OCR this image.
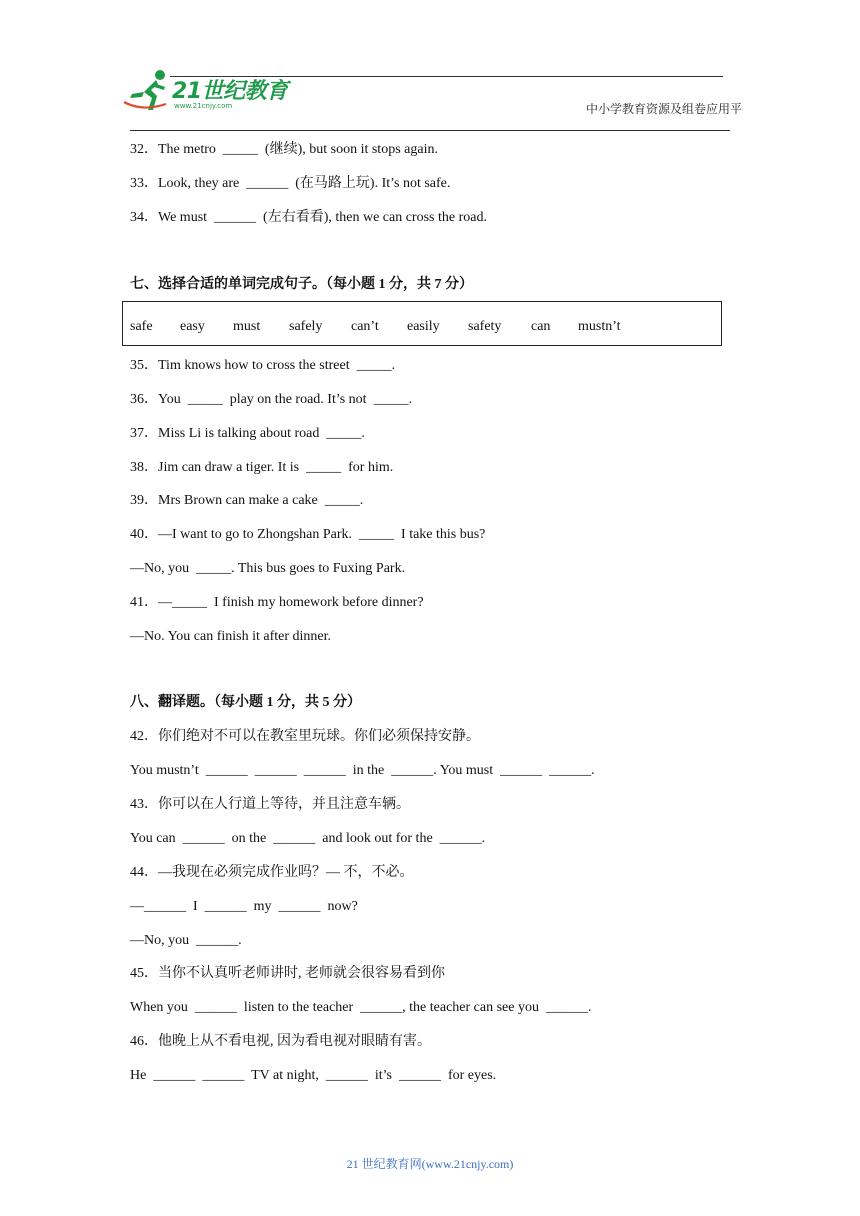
21世纪教育
www.21cnjy.com	中小学教育资源及组卷应用平
32．The metro  _____  (继续), but soon it stops again.
33．Look, they are  ______  (在马路上玩). It’s not safe.
34．We must  ______  (左右看看), then we can cross the road.
七、选择合适的单词完成句子。（每小题 1 分，共 7 分）
safe easy must safely can’t easily safety can mustn’t
35．Tim knows how to cross the street  _____.
36．You  _____  play on the road. It’s not  _____.
37．Miss Li is talking about road  _____.
38．Jim can draw a tiger. It is  _____  for him.
39．Mrs Brown can make a cake  _____.
40．—I want to go to Zhongshan Park.  _____  I take this bus?
—No, you  _____. This bus goes to Fuxing Park.
41．—_____  I finish my homework before dinner?
—No. You can finish it after dinner.
八、翻译题。（每小题 1 分，共 5 分）
42．你们绝对不可以在教室里玩球。你们必须保持安静。
You mustn’t  ______  ______  ______  in the  ______. You must  ______  ______.
43．你可以在人行道上等待，并且注意车辆。
You can  ______  on the  ______  and look out for the  ______.
44．—我现在必须完成作业吗？— 不，不必。
—______  I  ______  my  ______  now?
—No, you  ______.
45．当你不认真听老师讲时, 老师就会很容易看到你
When you  ______  listen to the teacher  ______, the teacher can see you  ______.
46．他晚上从不看电视, 因为看电视对眼睛有害。
He  ______  ______  TV at night,  ______  it’s  ______  for eyes.
21 世纪教育网(www.21cnjy.com)
